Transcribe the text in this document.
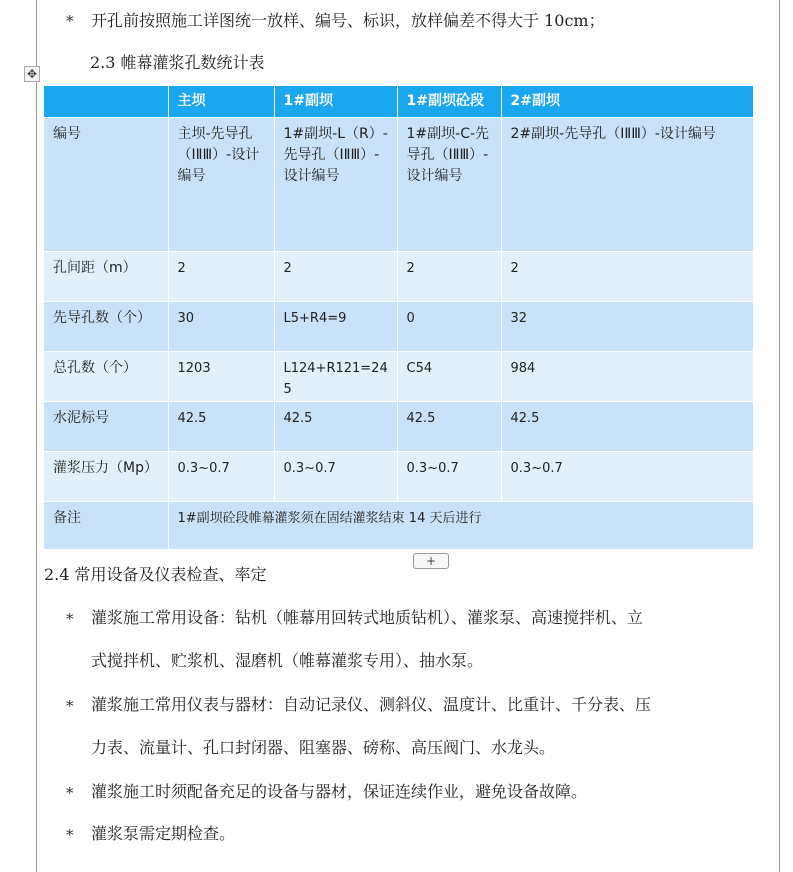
* 开孔前按照施工详图统一放样、编号、标识，放样偏差不得大于 10cm；
2.3 帷幕灌浆孔数统计表
✥
	主坝	1#副坝	1#副坝砼段	2#副坝
编号	主坝-先导孔（ⅠⅡⅢ）-设计编号	1#副坝-L（R）-先导孔（ⅠⅡⅢ）-设计编号	1#副坝-C-先导孔（ⅠⅡⅢ）-设计编号	2#副坝-先导孔（ⅠⅡⅢ）-设计编号
孔间距（m）	2	2	2	2
先导孔数（个）	30	L5+R4=9	0	32
总孔数（个）	1203	L124+R121=245	C54	984
水泥标号	42.5	42.5	42.5	42.5
灌浆压力（Mp）	0.3~0.7	0.3~0.7	0.3~0.7	0.3~0.7
备注	1#副坝砼段帷幕灌浆须在固结灌浆结束 14 天后进行			
+
2.4 常用设备及仪表检查、率定
* 灌浆施工常用设备：钻机（帷幕用回转式地质钻机）、灌浆泵、高速搅拌机、立
式搅拌机、贮浆机、湿磨机（帷幕灌浆专用）、抽水泵。
* 灌浆施工常用仪表与器材：自动记录仪、测斜仪、温度计、比重计、千分表、压
力表、流量计、孔口封闭器、阻塞器、磅称、高压阀门、水龙头。
* 灌浆施工时须配备充足的设备与器材，保证连续作业，避免设备故障。
* 灌浆泵需定期检查。
